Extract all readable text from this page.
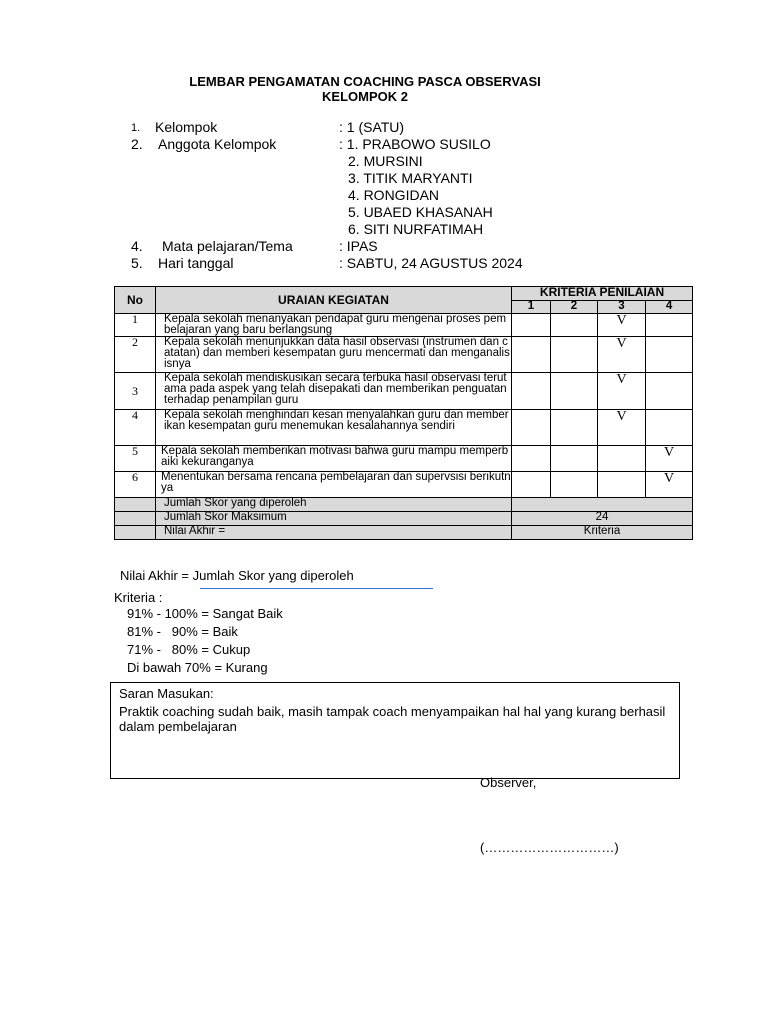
LEMBAR PENGAMATAN COACHING PASCA OBSERVASI
KELOMPOK 2
1. Kelompok	: 1 (SATU)
2. Anggota Kelompok	: 1. PRABOWO SUSILO
2. MURSINI
3. TITIK MARYANTI
4. RONGIDAN
5. UBAED KHASANAH
6. SITI NURFATIMAH
4. Mata pelajaran/Tema	: IPAS
5. Hari tanggal	: SABTU, 24 AGUSTUS 2024
No	URAIAN KEGIATAN	KRITERIA PENILAIAN			
		1	2	3	4
1	Kepala sekolah menanyakan pendapat guru mengenai proses pembelajaran yang baru berlangsung			V	
2	Kepala sekolah menunjukkan data hasil observasi (instrumen dan catatan) dan memberi kesempatan guru mencermati dan menganalisisnya			V	
3	Kepala sekolah mendiskusikan secara terbuka hasil observasi terutama pada aspek yang telah disepakati dan memberikan penguatan terhadap penampilan guru			V	
4	Kepala sekolah menghindari kesan menyalahkan guru dan memberikan kesempatan guru menemukan kesalahannya sendiri			V	
5	Kepala sekolah memberikan motivasi bahwa guru mampu memperbaiki kekuranganya				V
6	Menentukan bersama rencana pembelajaran dan supervsisi berikutnya				V
	Jumlah Skor yang diperoleh				
	Jumlah Skor Maksimum	24			
	Nilai Akhir =	Kriteria			
Nilai Akhir = Jumlah Skor yang diperoleh
Kriteria :
91% - 100% = Sangat Baik
81% -   90% = Baik
71% -   80% = Cukup
Di bawah 70% = Kurang
Saran Masukan:
Praktik coaching sudah baik, masih tampak coach menyampaikan hal hal yang kurang berhasil dalam pembelajaran
Observer,
(…………………………)
